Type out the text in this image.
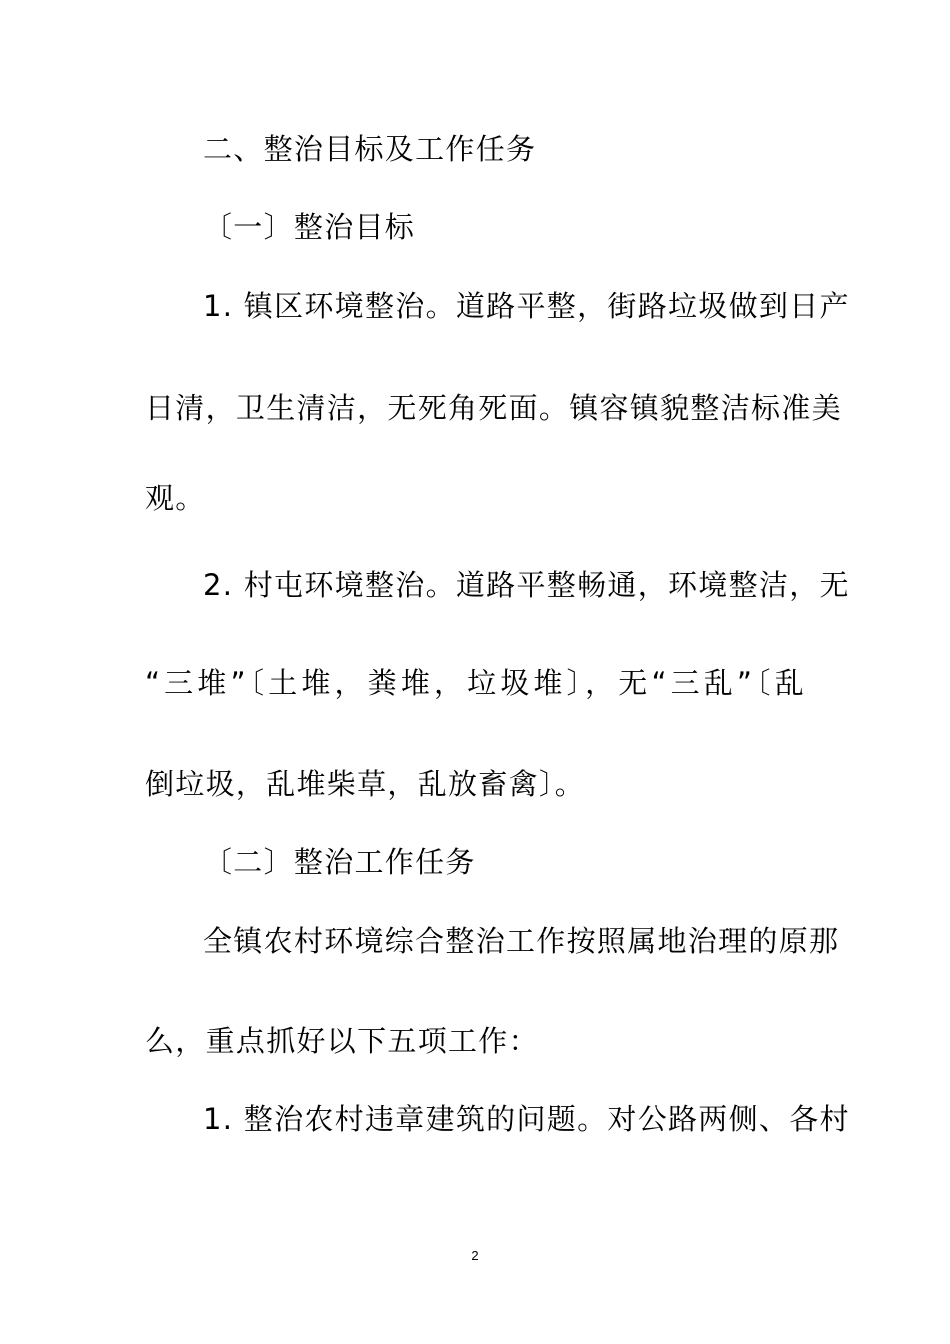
二、整治目标及工作任务

〔一〕整治目标

1. 镇区环境整治。道路平整，街路垃圾做到日产

日清，卫生清洁，无死角死面。镇容镇貌整洁标准美

观。

2. 村屯环境整治。道路平整畅通，环境整洁，无

“三堆”〔土堆，粪堆，垃圾堆〕，无“三乱”〔乱

倒垃圾，乱堆柴草，乱放畜禽〕。

〔二〕整治工作任务

全镇农村环境综合整治工作按照属地治理的原那

么，重点抓好以下五项工作：

1. 整治农村违章建筑的问题。对公路两侧、各村

2
